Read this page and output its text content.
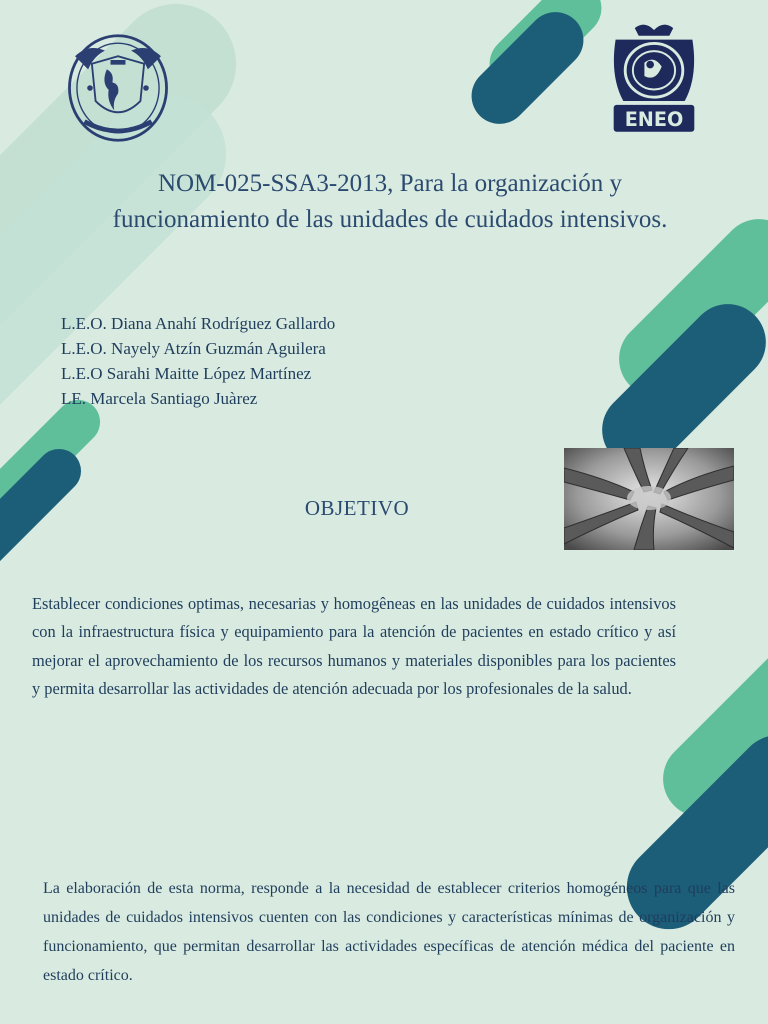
ENEO
NOM-025-SSA3-2013, Para la organización y
funcionamiento de las unidades de cuidados intensivos.
L.E.O. Diana Anahí Rodríguez Gallardo
L.E.O. Nayely Atzín Guzmán Aguilera
L.E.O Sarahi Maitte López Martínez
LE. Marcela Santiago Juàrez
OBJETIVO
Establecer condiciones optimas, necesarias y homogêneas en las unidades de cuidados intensivos con la infraestructura física y equipamiento para la atención de pacientes en estado crítico y así mejorar el aprovechamiento de los recursos humanos y materiales disponibles para los pacientes y permita desarrollar las actividades de atención adecuada por los profesionales de la salud.
La elaboración de esta norma, responde a la necesidad de establecer criterios homogéneos para que las unidades de cuidados intensivos cuenten con las condiciones y características mínimas de organización y funcionamiento, que permitan desarrollar las actividades específicas de atención médica del paciente en estado crítico.
